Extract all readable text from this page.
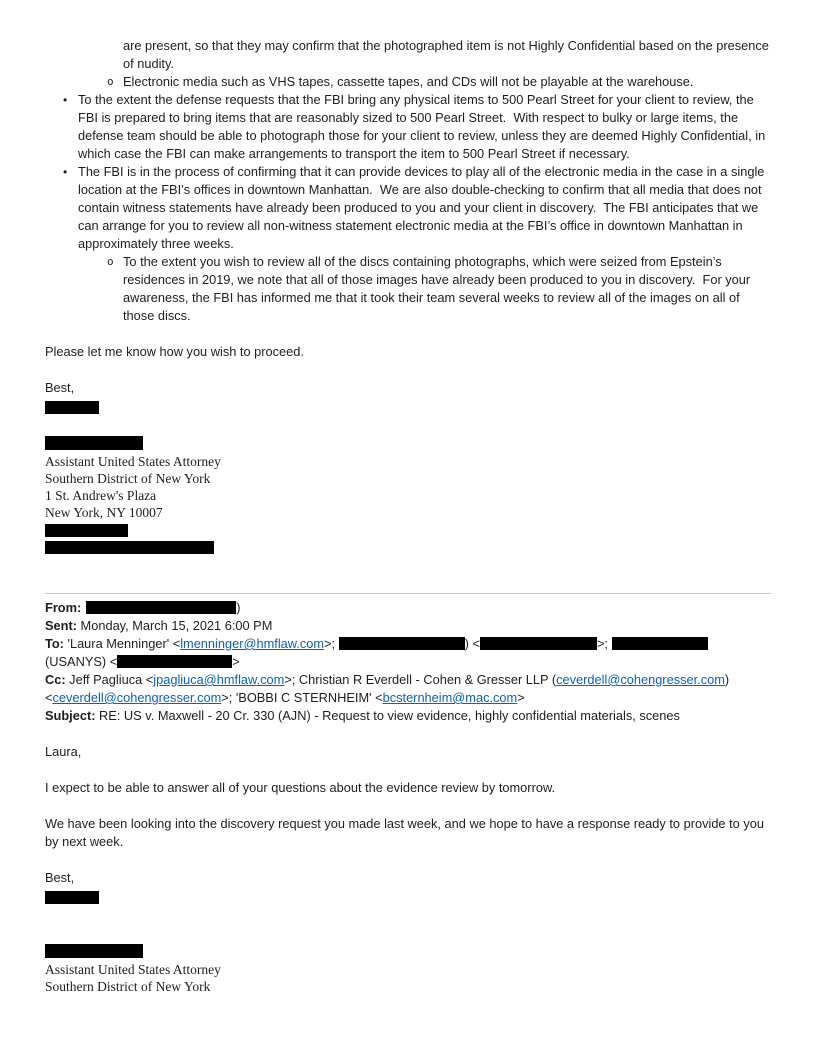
are present, so that they may confirm that the photographed item is not Highly Confidential based on the presence of nudity.
o Electronic media such as VHS tapes, cassette tapes, and CDs will not be playable at the warehouse.
• To the extent the defense requests that the FBI bring any physical items to 500 Pearl Street for your client to review, the FBI is prepared to bring items that are reasonably sized to 500 Pearl Street.  With respect to bulky or large items, the defense team should be able to photograph those for your client to review, unless they are deemed Highly Confidential, in which case the FBI can make arrangements to transport the item to 500 Pearl Street if necessary.
• The FBI is in the process of confirming that it can provide devices to play all of the electronic media in the case in a single location at the FBI’s offices in downtown Manhattan.  We are also double-checking to confirm that all media that does not contain witness statements have already been produced to you and your client in discovery.  The FBI anticipates that we can arrange for you to review all non-witness statement electronic media at the FBI’s office in downtown Manhattan in approximately three weeks.
o To the extent you wish to review all of the discs containing photographs, which were seized from Epstein’s residences in 2019, we note that all of those images have already been produced to you in discovery.  For your awareness, the FBI has informed me that it took their team several weeks to review all of the images on all of those discs.

Please let me know how you wish to proceed.

Best,

Assistant United States Attorney
Southern District of New York
1 St. Andrew's Plaza
New York, NY 10007
From:	)
Sent: Monday, March 15, 2021 6:00 PM
To: 'Laura Menninger' <lmenninger@hmflaw.com>;	) <	>;
(USANYS) <	>
Cc: Jeff Pagliuca <jpagliuca@hmflaw.com>; Christian R Everdell - Cohen & Gresser LLP (ceverdell@cohengresser.com)
<ceverdell@cohengresser.com>; 'BOBBI C STERNHEIM' <bcsternheim@mac.com>
Subject: RE: US v. Maxwell - 20 Cr. 330 (AJN) - Request to view evidence, highly confidential materials, scenes

Laura,

I expect to be able to answer all of your questions about the evidence review by tomorrow.

We have been looking into the discovery request you made last week, and we hope to have a response ready to provide to you by next week.

Best,

Assistant United States Attorney
Southern District of New York
